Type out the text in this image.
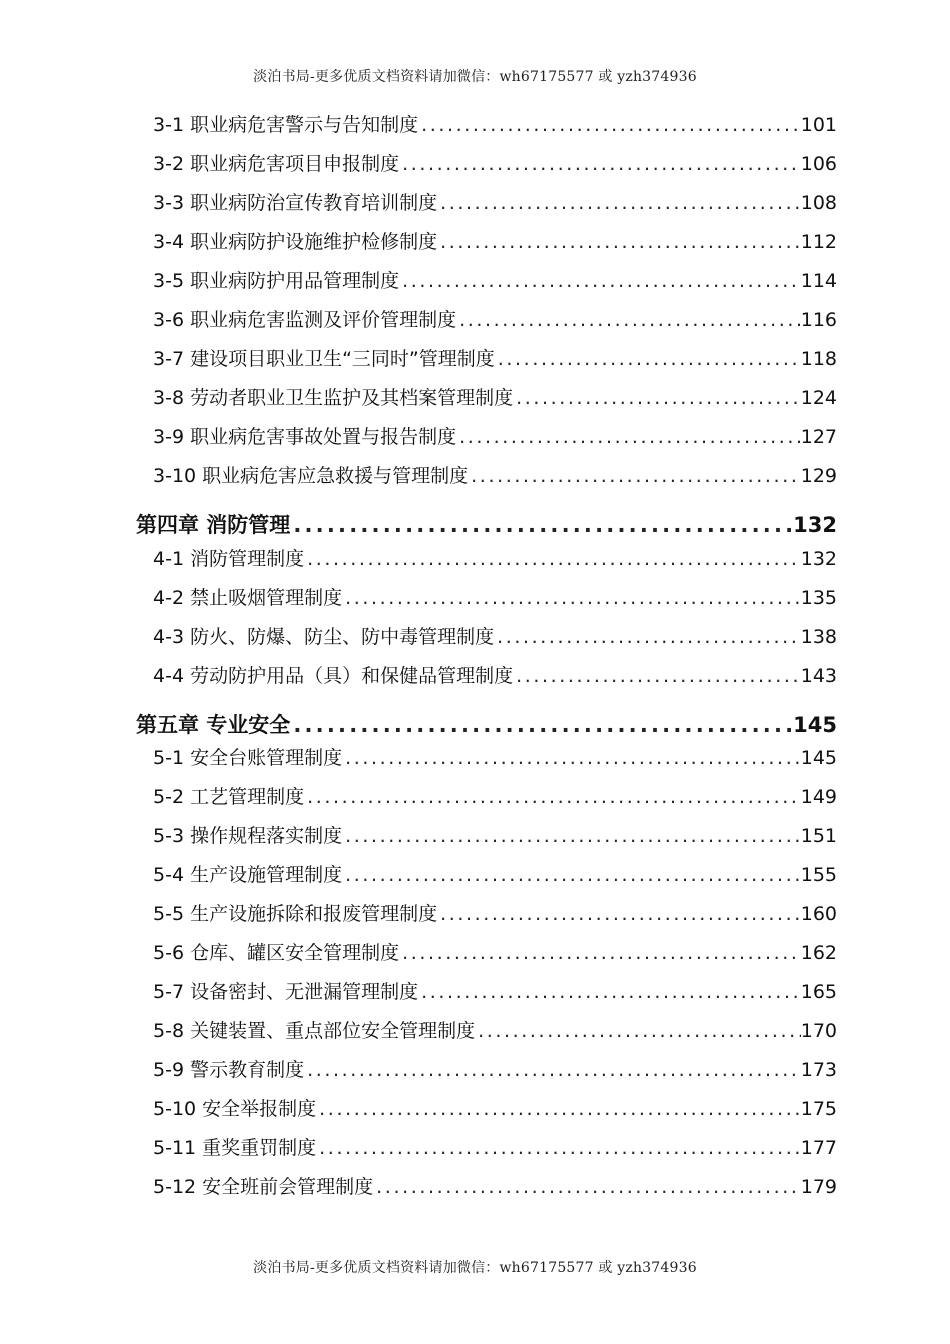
淡泊书局-更多优质文档资料请加微信：wh67175577 或 yzh374936
3-1 职业病危害警示与告知制度 .....	101
3-2 职业病危害项目申报制度 .....	106
3-3 职业病防治宣传教育培训制度 .....	108
3-4 职业病防护设施维护检修制度 .....	112
3-5 职业病防护用品管理制度 .....	114
3-6 职业病危害监测及评价管理制度 .....	116
3-7 建设项目职业卫生“三同时”管理制度 .....	118
3-8 劳动者职业卫生监护及其档案管理制度 .....	124
3-9 职业病危害事故处置与报告制度 .....	127
3-10 职业病危害应急救援与管理制度 .....	129
第四章 消防管理 .....	132
4-1 消防管理制度 .....	132
4-2 禁止吸烟管理制度 .....	135
4-3 防火、防爆、防尘、防中毒管理制度 .....	138
4-4 劳动防护用品（具）和保健品管理制度 .....	143
第五章 专业安全 .....	145
5-1 安全台账管理制度 .....	145
5-2 工艺管理制度 .....	149
5-3 操作规程落实制度 .....	151
5-4 生产设施管理制度 .....	155
5-5 生产设施拆除和报废管理制度 .....	160
5-6 仓库、罐区安全管理制度 .....	162
5-7 设备密封、无泄漏管理制度 .....	165
5-8 关键装置、重点部位安全管理制度 .....	170
5-9 警示教育制度 .....	173
5-10 安全举报制度 .....	175
5-11 重奖重罚制度 .....	177
5-12 安全班前会管理制度 .....	179
淡泊书局-更多优质文档资料请加微信：wh67175577 或 yzh374936
